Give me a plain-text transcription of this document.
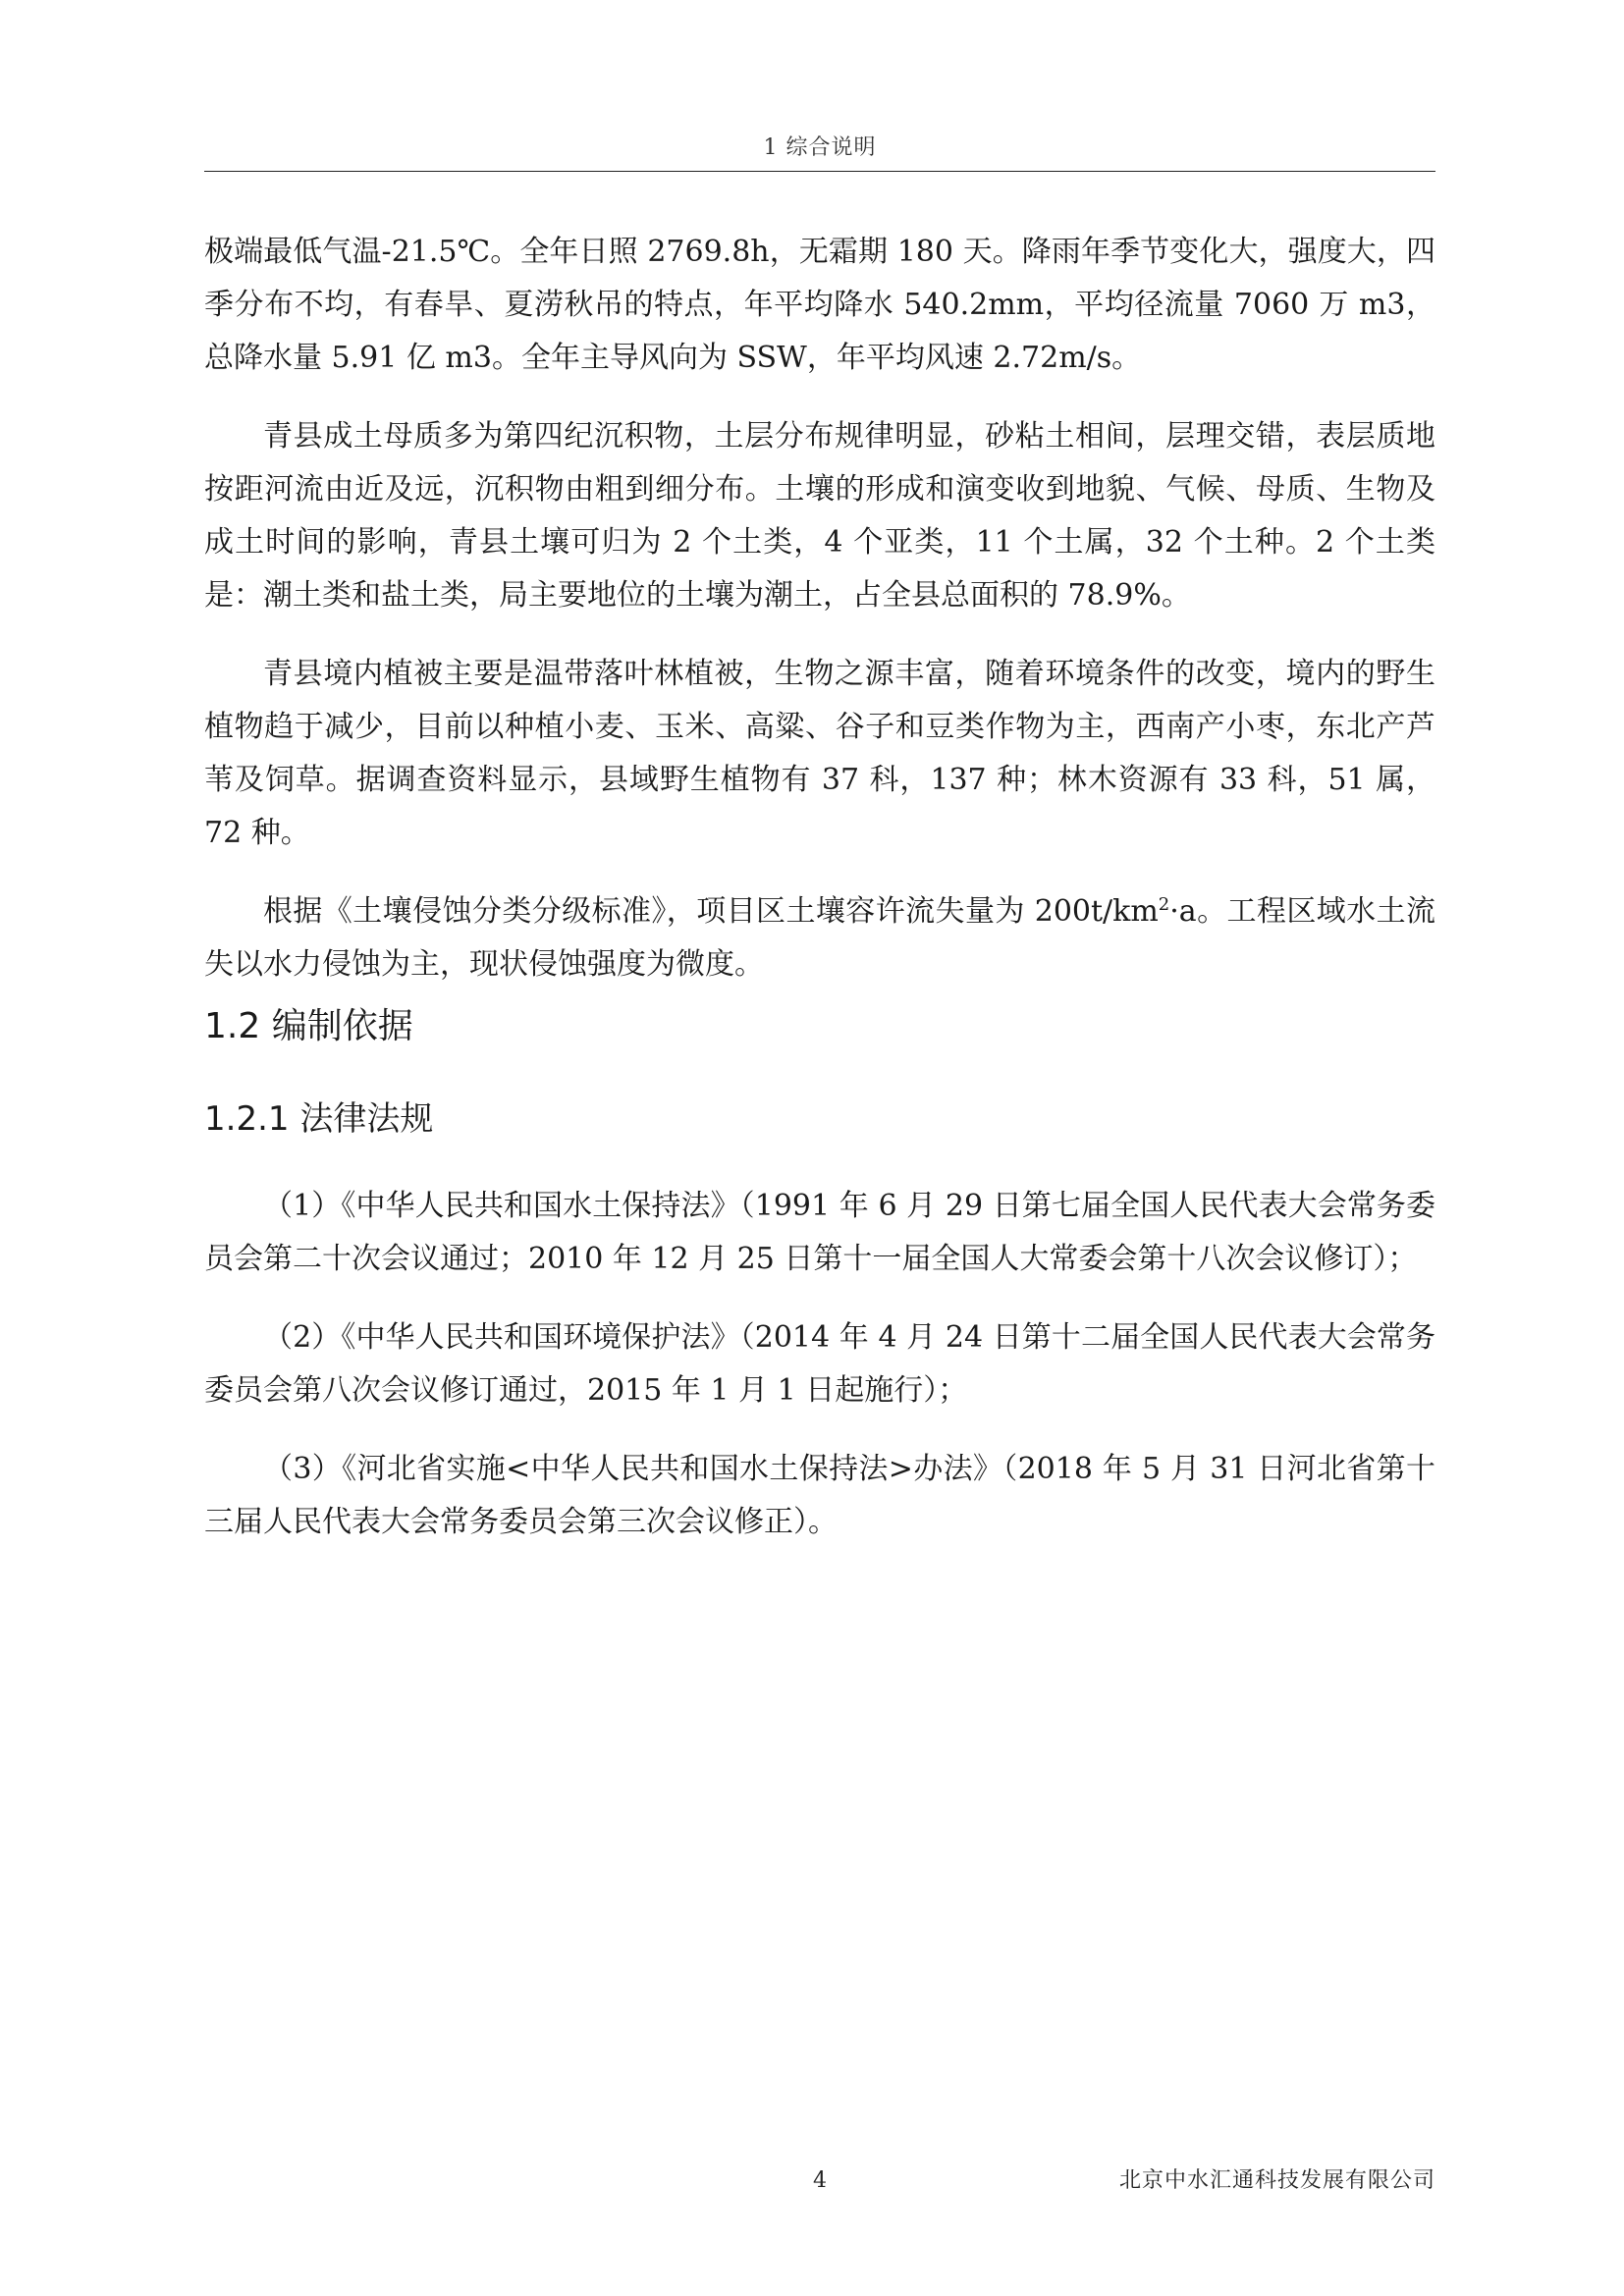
1 综合说明

极端最低气温-21.5℃。全年日照 2769.8h，无霜期 180 天。降雨年季节变化大，强度大，四季分布不均，有春旱、夏涝秋吊的特点，年平均降水 540.2mm，平均径流量 7060 万 m3，总降水量 5.91 亿 m3。全年主导风向为 SSW，年平均风速 2.72m/s。

青县成土母质多为第四纪沉积物，土层分布规律明显，砂粘土相间，层理交错，表层质地按距河流由近及远，沉积物由粗到细分布。土壤的形成和演变收到地貌、气候、母质、生物及成土时间的影响，青县土壤可归为 2 个土类，4 个亚类，11 个土属，32 个土种。2 个土类是：潮土类和盐土类，局主要地位的土壤为潮土，占全县总面积的 78.9%。

青县境内植被主要是温带落叶林植被，生物之源丰富，随着环境条件的改变，境内的野生植物趋于减少，目前以种植小麦、玉米、高粱、谷子和豆类作物为主，西南产小枣，东北产芦苇及饲草。据调查资料显示，县域野生植物有 37 科，137 种；林木资源有 33 科，51 属，72 种。

根据《土壤侵蚀分类分级标准》，项目区土壤容许流失量为 $200t/km^2\cdot a$。工程区域水土流失以水力侵蚀为主，现状侵蚀强度为微度。

1.2 编制依据
1.2.1 法律法规

（1）《中华人民共和国水土保持法》（1991 年 6 月 29 日第七届全国人民代表大会常务委员会第二十次会议通过；2010 年 12 月 25 日第十一届全国人大常委会第十八次会议修订）；

（2）《中华人民共和国环境保护法》（2014 年 4 月 24 日第十二届全国人民代表大会常务委员会第八次会议修订通过，2015 年 1 月 1 日起施行）；

（3）《河北省实施<中华人民共和国水土保持法>办法》（2018 年 5 月 31 日河北省第十三届人民代表大会常务委员会第三次会议修正）。

4	北京中水汇通科技发展有限公司
